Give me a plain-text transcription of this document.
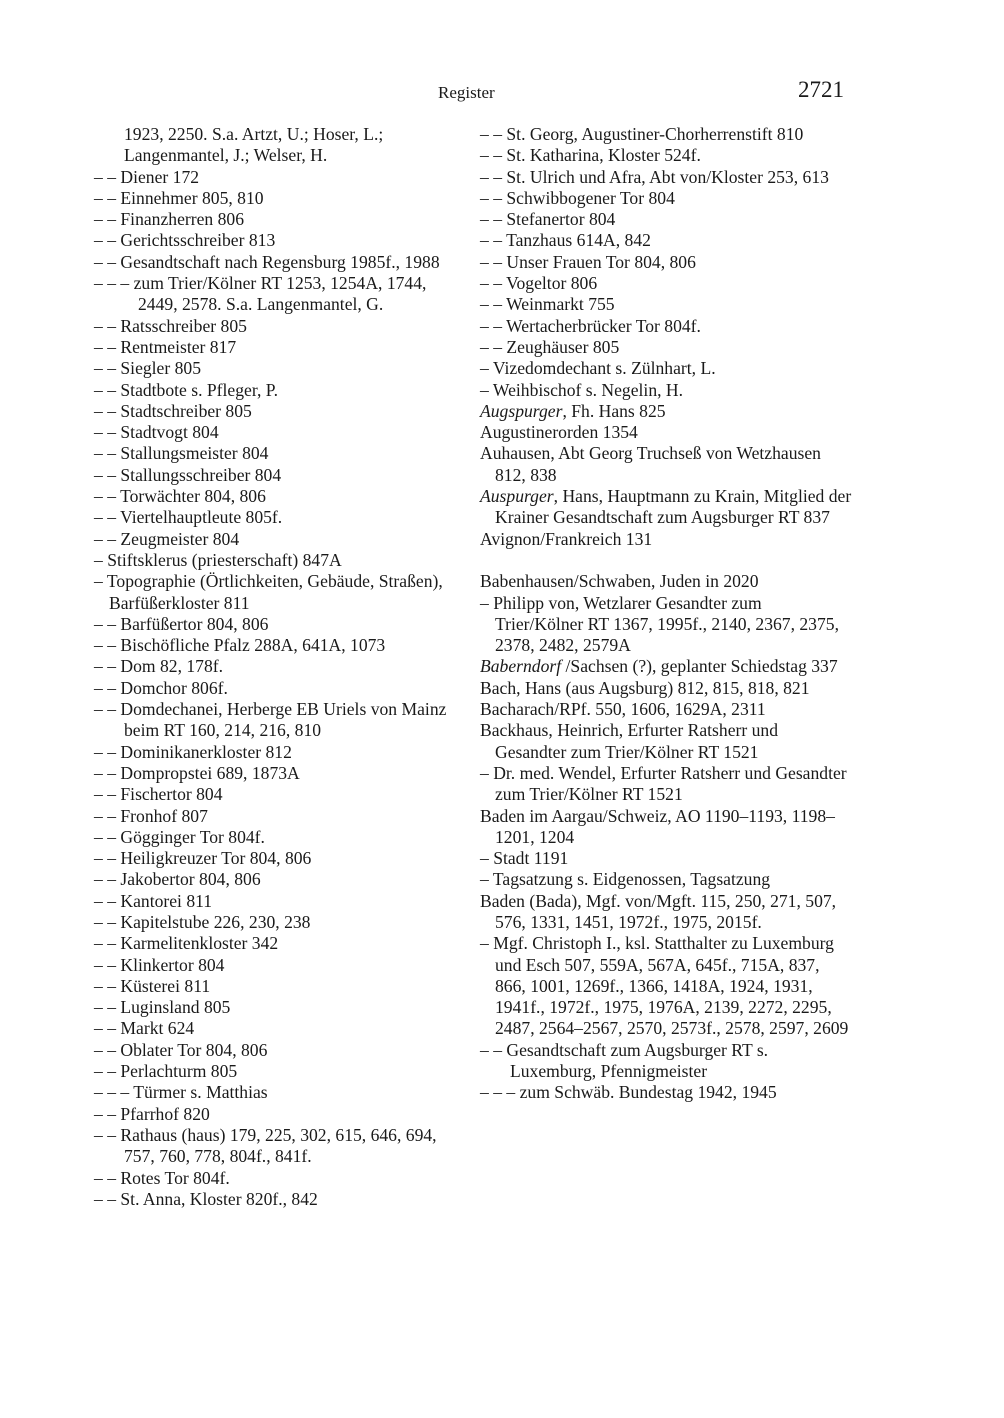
Register	2721
1923, 2250. S.a. Artzt, U.; Hoser, L.; Langenmantel, J.; Welser, H.
– – Diener 172
– – Einnehmer 805, 810
– – Finanzherren 806
– – Gerichtsschreiber 813
– – Gesandtschaft nach Regensburg 1985f., 1988
– – – zum Trier/Kölner RT 1253, 1254A, 1744, 2449, 2578. S.a. Langenmantel, G.
– – Ratsschreiber 805
– – Rentmeister 817
– – Siegler 805
– – Stadtbote s. Pfleger, P.
– – Stadtschreiber 805
– – Stadtvogt 804
– – Stallungsmeister 804
– – Stallungsschreiber 804
– – Torwächter 804, 806
– – Viertelhauptleute 805f.
– – Zeugmeister 804
– Stiftsklerus (priesterschaft) 847A
– Topographie (Örtlichkeiten, Gebäude, Straßen), Barfüßerkloster 811
– – Barfüßertor 804, 806
– – Bischöfliche Pfalz 288A, 641A, 1073
– – Dom 82, 178f.
– – Domchor 806f.
– – Domdechanei, Herberge EB Uriels von Mainz beim RT 160, 214, 216, 810
– – Dominikanerkloster 812
– – Dompropstei 689, 1873A
– – Fischertor 804
– – Fronhof 807
– – Gögginger Tor 804f.
– – Heiligkreuzer Tor 804, 806
– – Jakobertor 804, 806
– – Kantorei 811
– – Kapitelstube 226, 230, 238
– – Karmelitenkloster 342
– – Klinkertor 804
– – Küsterei 811
– – Luginsland 805
– – Markt 624
– – Oblater Tor 804, 806
– – Perlachturm 805
– – – Türmer s. Matthias
– – Pfarrhof 820
– – Rathaus (haus) 179, 225, 302, 615, 646, 694, 757, 760, 778, 804f., 841f.
– – Rotes Tor 804f.
– – St. Anna, Kloster 820f., 842
– – St. Georg, Augustiner-Chorherrenstift 810
– – St. Katharina, Kloster 524f.
– – St. Ulrich und Afra, Abt von/Kloster 253, 613
– – Schwibbogener Tor 804
– – Stefanertor 804
– – Tanzhaus 614A, 842
– – Unser Frauen Tor 804, 806
– – Vogeltor 806
– – Weinmarkt 755
– – Wertacherbrücker Tor 804f.
– – Zeughäuser 805
– Vizedomdechant s. Zülnhart, L.
– Weihbischof s. Negelin, H.
Augspurger, Fh. Hans 825
Augustinerorden 1354
Auhausen, Abt Georg Truchseß von Wetzhausen 812, 838
Auspurger, Hans, Hauptmann zu Krain, Mitglied der Krainer Gesandtschaft zum Augsburger RT 837
Avignon/Frankreich 131
Babenhausen/Schwaben, Juden in 2020
– Philipp von, Wetzlarer Gesandter zum Trier/Kölner RT 1367, 1995f., 2140, 2367, 2375, 2378, 2482, 2579A
Baberndorf /Sachsen (?), geplanter Schiedstag 337
Bach, Hans (aus Augsburg) 812, 815, 818, 821
Bacharach/RPf. 550, 1606, 1629A, 2311
Backhaus, Heinrich, Erfurter Ratsherr und Gesandter zum Trier/Kölner RT 1521
– Dr. med. Wendel, Erfurter Ratsherr und Gesandter zum Trier/Kölner RT 1521
Baden im Aargau/Schweiz, AO 1190–1193, 1198–1201, 1204
– Stadt 1191
– Tagsatzung s. Eidgenossen, Tagsatzung
Baden (Bada), Mgf. von/Mgft. 115, 250, 271, 507, 576, 1331, 1451, 1972f., 1975, 2015f.
– Mgf. Christoph I., ksl. Statthalter zu Luxemburg und Esch 507, 559A, 567A, 645f., 715A, 837, 866, 1001, 1269f., 1366, 1418A, 1924, 1931, 1941f., 1972f., 1975, 1976A, 2139, 2272, 2295, 2487, 2564–2567, 2570, 2573f., 2578, 2597, 2609
– – Gesandtschaft zum Augsburger RT s. Luxemburg, Pfennigmeister
– – – zum Schwäb. Bundestag 1942, 1945
